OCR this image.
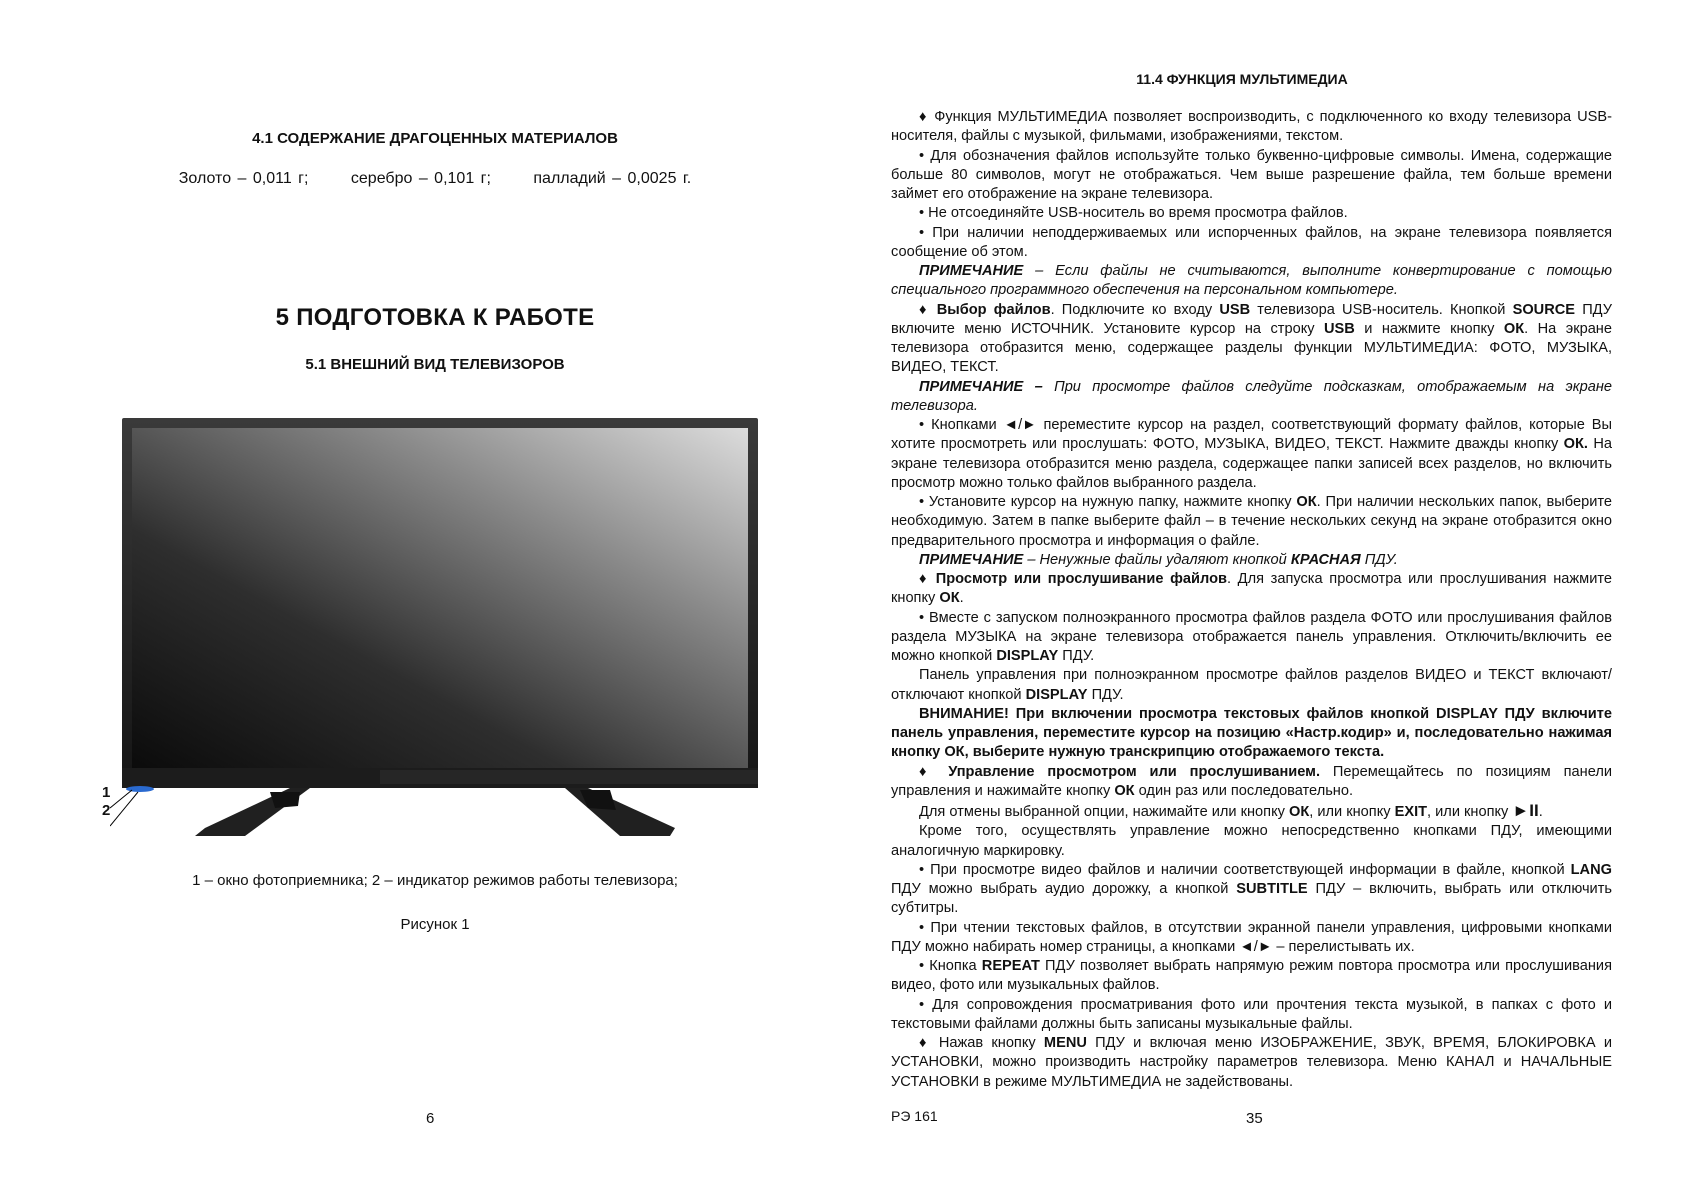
4.1 СОДЕРЖАНИЕ ДРАГОЦЕННЫХ МАТЕРИАЛОВ
Золото – 0,011 г;	серебро – 0,101 г;	палладий – 0,0025 г.
5 ПОДГОТОВКА К РАБОТЕ
5.1 ВНЕШНИЙ ВИД ТЕЛЕВИЗОРОВ
1
2
1 – окно фотоприемника; 2 – индикатор режимов работы телевизора;
Рисунок 1
6
11.4 ФУНКЦИЯ МУЛЬТИМЕДИА

♦ Функция МУЛЬТИМЕДИА позволяет воспроизводить, с подключенного ко входу телевизора USB-носителя, файлы с музыкой, фильмами, изображениями, текстом.

• Для обозначения файлов используйте только буквенно-цифровые символы. Имена, содержащие больше 80 символов, могут не отображаться. Чем выше разрешение файла, тем больше времени займет его отображение на экране телевизора.

• Не отсоединяйте USB-носитель во время просмотра файлов.

• При наличии неподдерживаемых или испорченных файлов, на экране телевизора появляется сообщение об этом.

ПРИМЕЧАНИЕ – Если файлы не считываются, выполните конвертирование с помощью специального программного обеспечения на персональном компьютере.

♦ Выбор файлов. Подключите ко входу USB телевизора USB-носитель. Кнопкой SOURCE ПДУ включите меню ИСТОЧНИК. Установите курсор на строку USB и нажмите кнопку ОК. На экране телевизора отобразится меню, содержащее разделы функции МУЛЬТИМЕДИА: ФОТО, МУЗЫКА, ВИДЕО, ТЕКСТ.

ПРИМЕЧАНИЕ – При просмотре файлов следуйте подсказкам, отображаемым на экране телевизора.

• Кнопками ◄/► переместите курсор на раздел, соответствующий формату файлов, которые Вы хотите просмотреть или прослушать: ФОТО, МУЗЫКА, ВИДЕО, ТЕКСТ. Нажмите дважды кнопку ОК. На экране телевизора отобразится меню раздела, содержащее папки записей всех разделов, но включить просмотр можно только файлов выбранного раздела.

• Установите курсор на нужную папку, нажмите кнопку ОК. При наличии нескольких папок, выберите необходимую. Затем в папке выберите файл – в течение нескольких секунд на экране отобразится окно предварительного просмотра и информация о файле.

ПРИМЕЧАНИЕ – Ненужные файлы удаляют кнопкой КРАСНАЯ ПДУ.

♦ Просмотр или прослушивание файлов. Для запуска просмотра или прослушивания нажмите кнопку ОК.

• Вместе с запуском полноэкранного просмотра файлов раздела ФОТО или прослушивания файлов раздела МУЗЫКА на экране телевизора отображается панель управления. Отключить/включить ее можно кнопкой DISPLAY ПДУ.

Панель управления при полноэкранном просмотре файлов разделов ВИДЕО и ТЕКСТ включают/отключают кнопкой DISPLAY ПДУ.

ВНИМАНИЕ! При включении просмотра текстовых файлов кнопкой DISPLAY ПДУ включите панель управления, переместите курсор на позицию «Настр.кодир» и, последовательно нажимая кнопку ОК, выберите нужную транскрипцию отображаемого текста.

♦ Управление просмотром или прослушиванием. Перемещайтесь по позициям панели управления и нажимайте кнопку ОК один раз или последовательно.

Для отмены выбранной опции, нажимайте или кнопку ОК, или кнопку EXIT, или кнопку ►II.

Кроме того, осуществлять управление можно непосредственно кнопками ПДУ, имеющими аналогичную маркировку.

• При просмотре видео файлов и наличии соответствующей информации в файле, кнопкой LANG ПДУ можно выбрать аудио дорожку, а кнопкой SUBTITLE ПДУ – включить, выбрать или отключить субтитры.

• При чтении текстовых файлов, в отсутствии экранной панели управления, цифровыми кнопками ПДУ можно набирать номер страницы, а кнопками ◄/► – перелистывать их.

• Кнопка REPEAT ПДУ позволяет выбрать напрямую режим повтора просмотра или прослушивания видео, фото или музыкальных файлов.

• Для сопровождения просматривания фото или прочтения текста музыкой, в папках с фото и текстовыми файлами должны быть записаны музыкальные файлы.

♦ Нажав кнопку MENU ПДУ и включая меню ИЗОБРАЖЕНИЕ, ЗВУК, ВРЕМЯ, БЛОКИРОВКА и УСТАНОВКИ, можно производить настройку параметров телевизора. Меню КАНАЛ и НАЧАЛЬНЫЕ УСТАНОВКИ в режиме МУЛЬТИМЕДИА не задействованы.

РЭ 161	35
